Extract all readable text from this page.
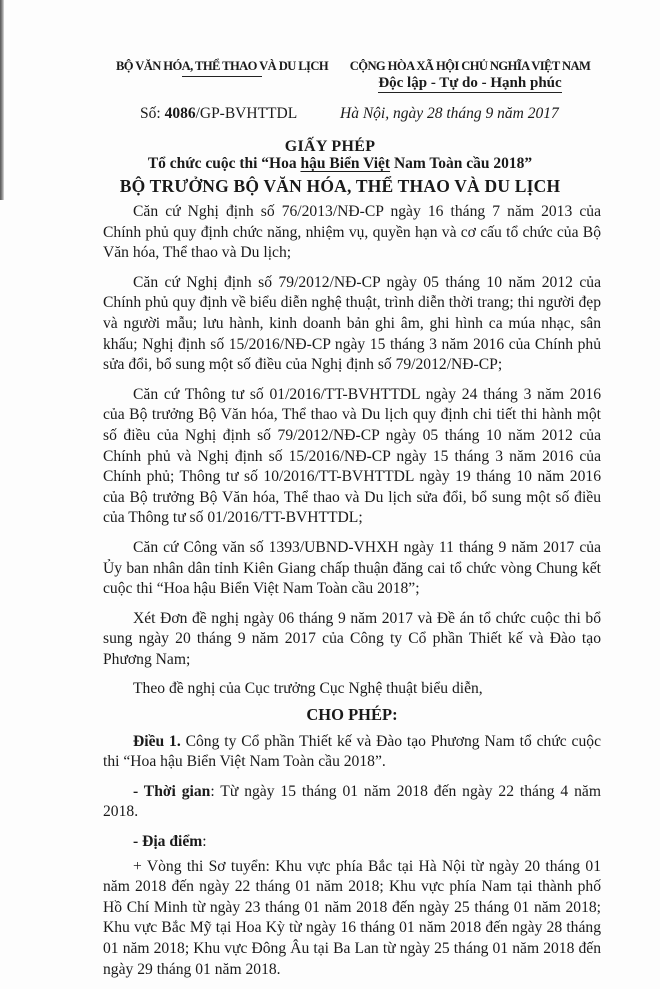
BỘ VĂN HÓA, THỂ THAO VÀ DU LỊCH	CỘNG HÒA XÃ HỘI CHỦ NGHĨA VIỆT NAM
Độc lập - Tự do - Hạnh phúc
Số: 4086/GP-BVHTTDL	Hà Nội, ngày 28 tháng 9 năm 2017
GIẤY PHÉP
Tổ chức cuộc thi “Hoa hậu Biển Việt Nam Toàn cầu 2018”
BỘ TRƯỞNG BỘ VĂN HÓA, THỂ THAO VÀ DU LỊCH

Căn cứ Nghị định số 76/2013/NĐ-CP ngày 16 tháng 7 năm 2013 của Chính phủ quy định chức năng, nhiệm vụ, quyền hạn và cơ cấu tổ chức của Bộ Văn hóa, Thể thao và Du lịch;

Căn cứ Nghị định số 79/2012/NĐ-CP ngày 05 tháng 10 năm 2012 của Chính phủ quy định về biểu diễn nghệ thuật, trình diễn thời trang; thi người đẹp và người mẫu; lưu hành, kinh doanh bản ghi âm, ghi hình ca múa nhạc, sân khấu; Nghị định số 15/2016/NĐ-CP ngày 15 tháng 3 năm 2016 của Chính phủ sửa đổi, bổ sung một số điều của Nghị định số 79/2012/NĐ-CP;

Căn cứ Thông tư số 01/2016/TT-BVHTTDL ngày 24 tháng 3 năm 2016 của Bộ trưởng Bộ Văn hóa, Thể thao và Du lịch quy định chi tiết thi hành một số điều của Nghị định số 79/2012/NĐ-CP ngày 05 tháng 10 năm 2012 của Chính phủ và Nghị định số 15/2016/NĐ-CP ngày 15 tháng 3 năm 2016 của Chính phủ; Thông tư số 10/2016/TT-BVHTTDL ngày 19 tháng 10 năm 2016 của Bộ trưởng Bộ Văn hóa, Thể thao và Du lịch sửa đổi, bổ sung một số điều của Thông tư số 01/2016/TT-BVHTTDL;

Căn cứ Công văn số 1393/UBND-VHXH ngày 11 tháng 9 năm 2017 của Ủy ban nhân dân tỉnh Kiên Giang chấp thuận đăng cai tổ chức vòng Chung kết cuộc thi “Hoa hậu Biển Việt Nam Toàn cầu 2018”;

Xét Đơn đề nghị ngày 06 tháng 9 năm 2017 và Đề án tổ chức cuộc thi bổ sung ngày 20 tháng 9 năm 2017 của Công ty Cổ phần Thiết kế và Đào tạo Phương Nam;

Theo đề nghị của Cục trưởng Cục Nghệ thuật biểu diễn,

CHO PHÉP:

Điều 1. Công ty Cổ phần Thiết kế và Đào tạo Phương Nam tổ chức cuộc thi “Hoa hậu Biển Việt Nam Toàn cầu 2018”.

- Thời gian: Từ ngày 15 tháng 01 năm 2018 đến ngày 22 tháng 4 năm 2018.

- Địa điểm:

+ Vòng thi Sơ tuyển: Khu vực phía Bắc tại Hà Nội từ ngày 20 tháng 01 năm 2018 đến ngày 22 tháng 01 năm 2018; Khu vực phía Nam tại thành phố Hồ Chí Minh từ ngày 23 tháng 01 năm 2018 đến ngày 25 tháng 01 năm 2018; Khu vực Bắc Mỹ tại Hoa Kỳ từ ngày 16 tháng 01 năm 2018 đến ngày 28 tháng 01 năm 2018; Khu vực Đông Âu tại Ba Lan từ ngày 25 tháng 01 năm 2018 đến ngày 29 tháng 01 năm 2018.
